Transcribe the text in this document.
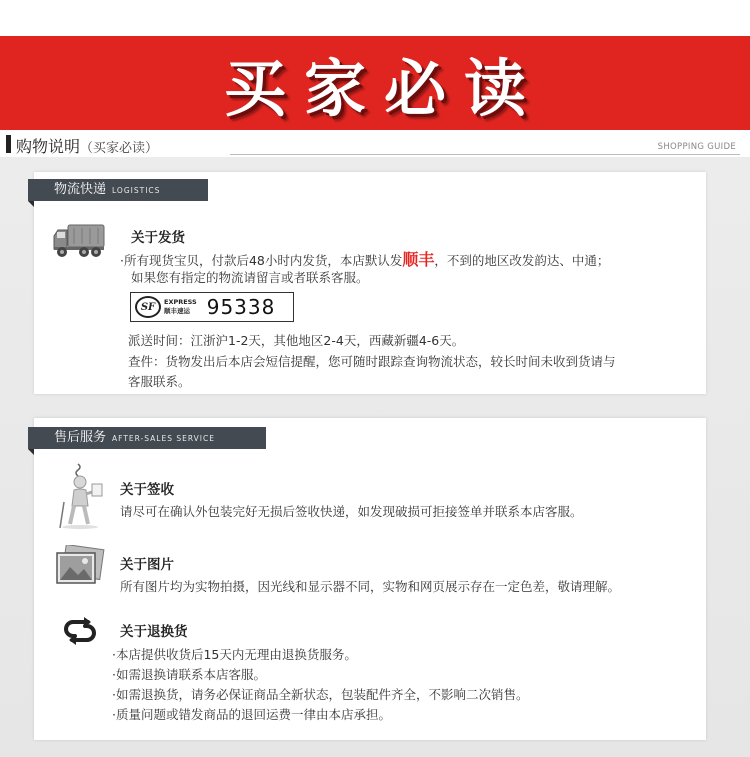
买家必读
购物说明（买家必读）	SHOPPING GUIDE
物流快递 LOGISTICS
关于发货
·所有现货宝贝，付款后48小时内发货，本店默认发顺丰，不到的地区改发韵达、中通；
如果您有指定的物流请留言或者联系客服。
SF	EXPRESS
顺丰速运 95338
派送时间：江浙沪1-2天，其他地区2-4天，西藏新疆4-6天。
查件：货物发出后本店会短信提醒，您可随时跟踪查询物流状态，较长时间未收到货请与
客服联系。
售后服务 AFTER-SALES SERVICE
关于签收
请尽可在确认外包装完好无损后签收快递，如发现破损可拒接签单并联系本店客服。
关于图片
所有图片均为实物拍摄，因光线和显示器不同，实物和网页展示存在一定色差，敬请理解。
关于退换货
·本店提供收货后15天内无理由退换货服务。
·如需退换请联系本店客服。
·如需退换货，请务必保证商品全新状态，包装配件齐全，不影响二次销售。
·质量问题或错发商品的退回运费一律由本店承担。
